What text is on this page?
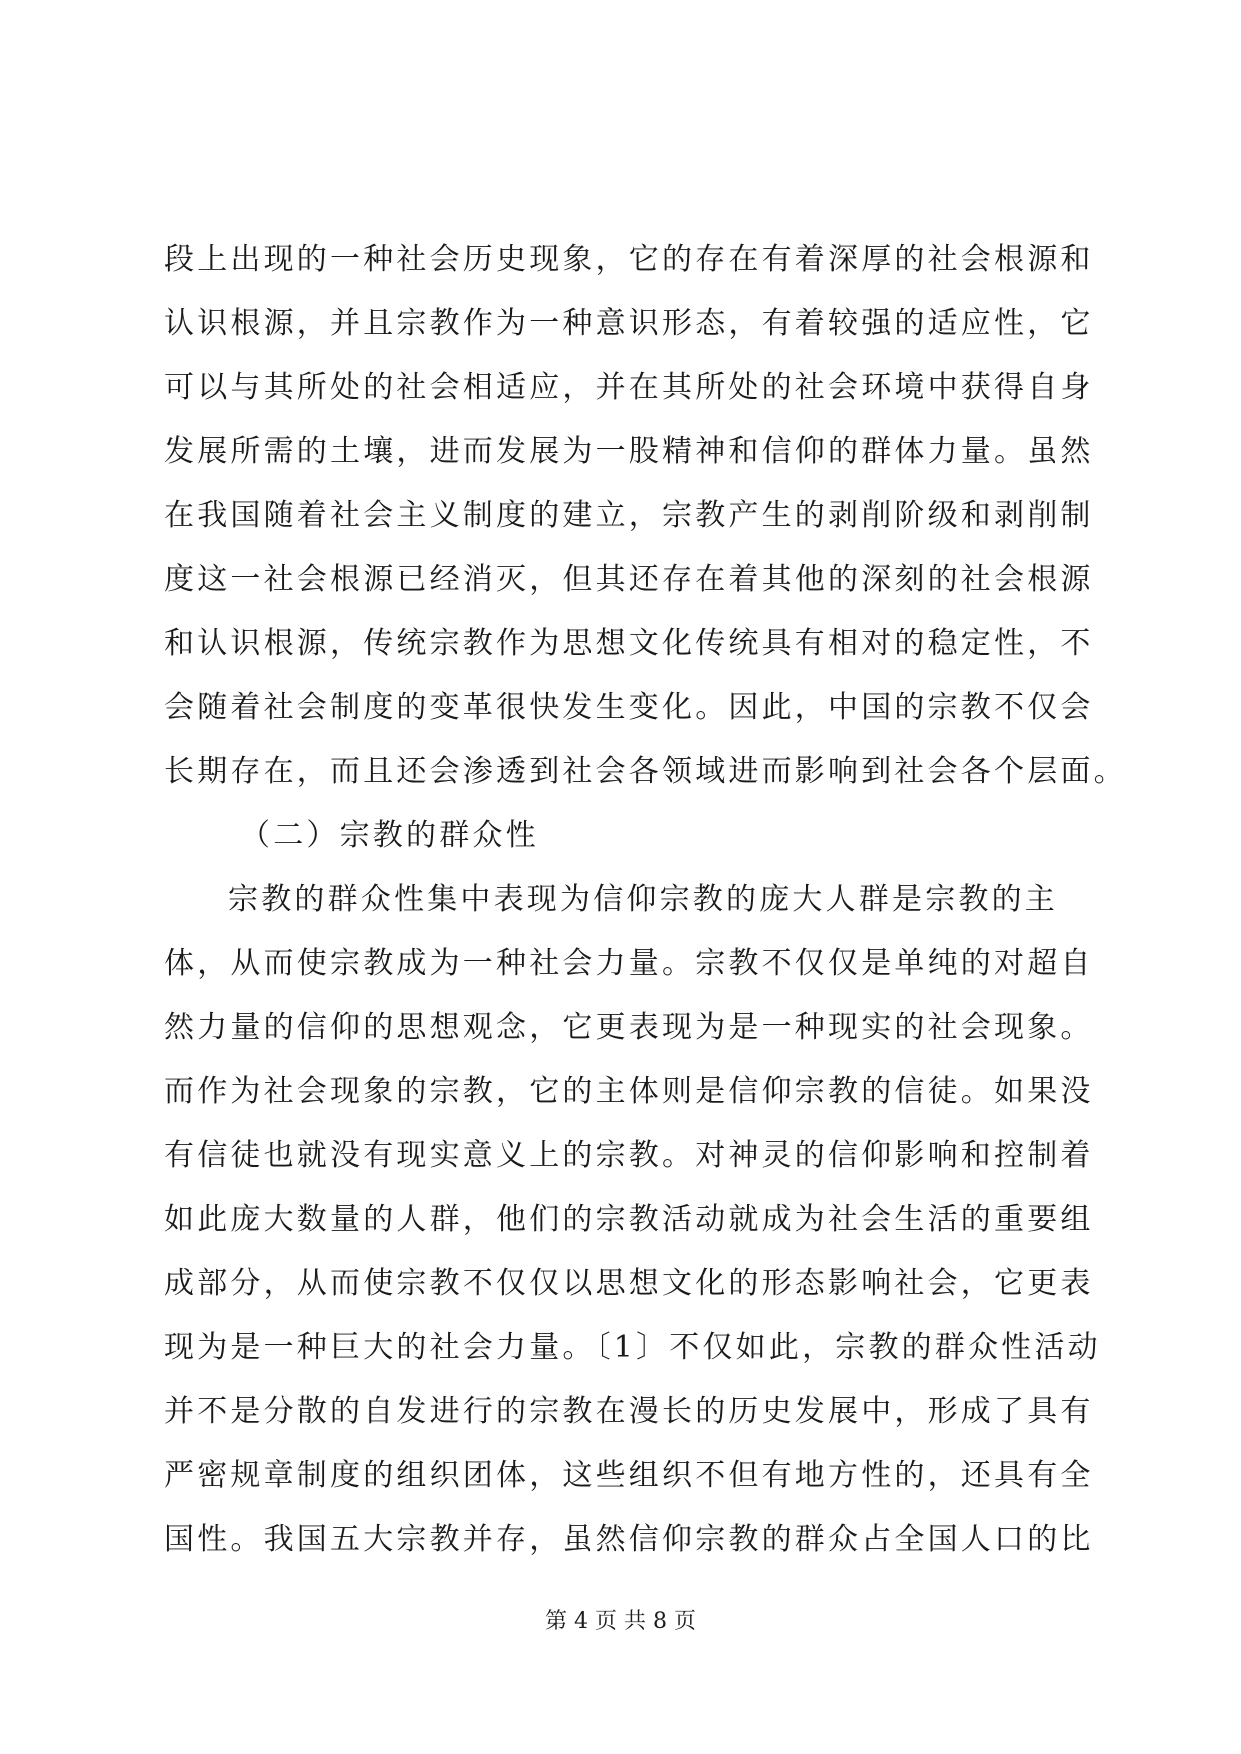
段上出现的一种社会历史现象，它的存在有着深厚的社会根源和
认识根源，并且宗教作为一种意识形态，有着较强的适应性，它
可以与其所处的社会相适应，并在其所处的社会环境中获得自身
发展所需的土壤，进而发展为一股精神和信仰的群体力量。虽然
在我国随着社会主义制度的建立，宗教产生的剥削阶级和剥削制
度这一社会根源已经消灭，但其还存在着其他的深刻的社会根源
和认识根源，传统宗教作为思想文化传统具有相对的稳定性，不
会随着社会制度的变革很快发生变化。因此，中国的宗教不仅会
长期存在，而且还会渗透到社会各领域进而影响到社会各个层面。
（二）宗教的群众性
宗教的群众性集中表现为信仰宗教的庞大人群是宗教的主
体，从而使宗教成为一种社会力量。宗教不仅仅是单纯的对超自
然力量的信仰的思想观念，它更表现为是一种现实的社会现象。
而作为社会现象的宗教，它的主体则是信仰宗教的信徒。如果没
有信徒也就没有现实意义上的宗教。对神灵的信仰影响和控制着
如此庞大数量的人群，他们的宗教活动就成为社会生活的重要组
成部分，从而使宗教不仅仅以思想文化的形态影响社会，它更表
现为是一种巨大的社会力量。〔1〕不仅如此，宗教的群众性活动
并不是分散的自发进行的宗教在漫长的历史发展中，形成了具有
严密规章制度的组织团体，这些组织不但有地方性的，还具有全
国性。我国五大宗教并存，虽然信仰宗教的群众占全国人口的比
第 4 页 共 8 页
